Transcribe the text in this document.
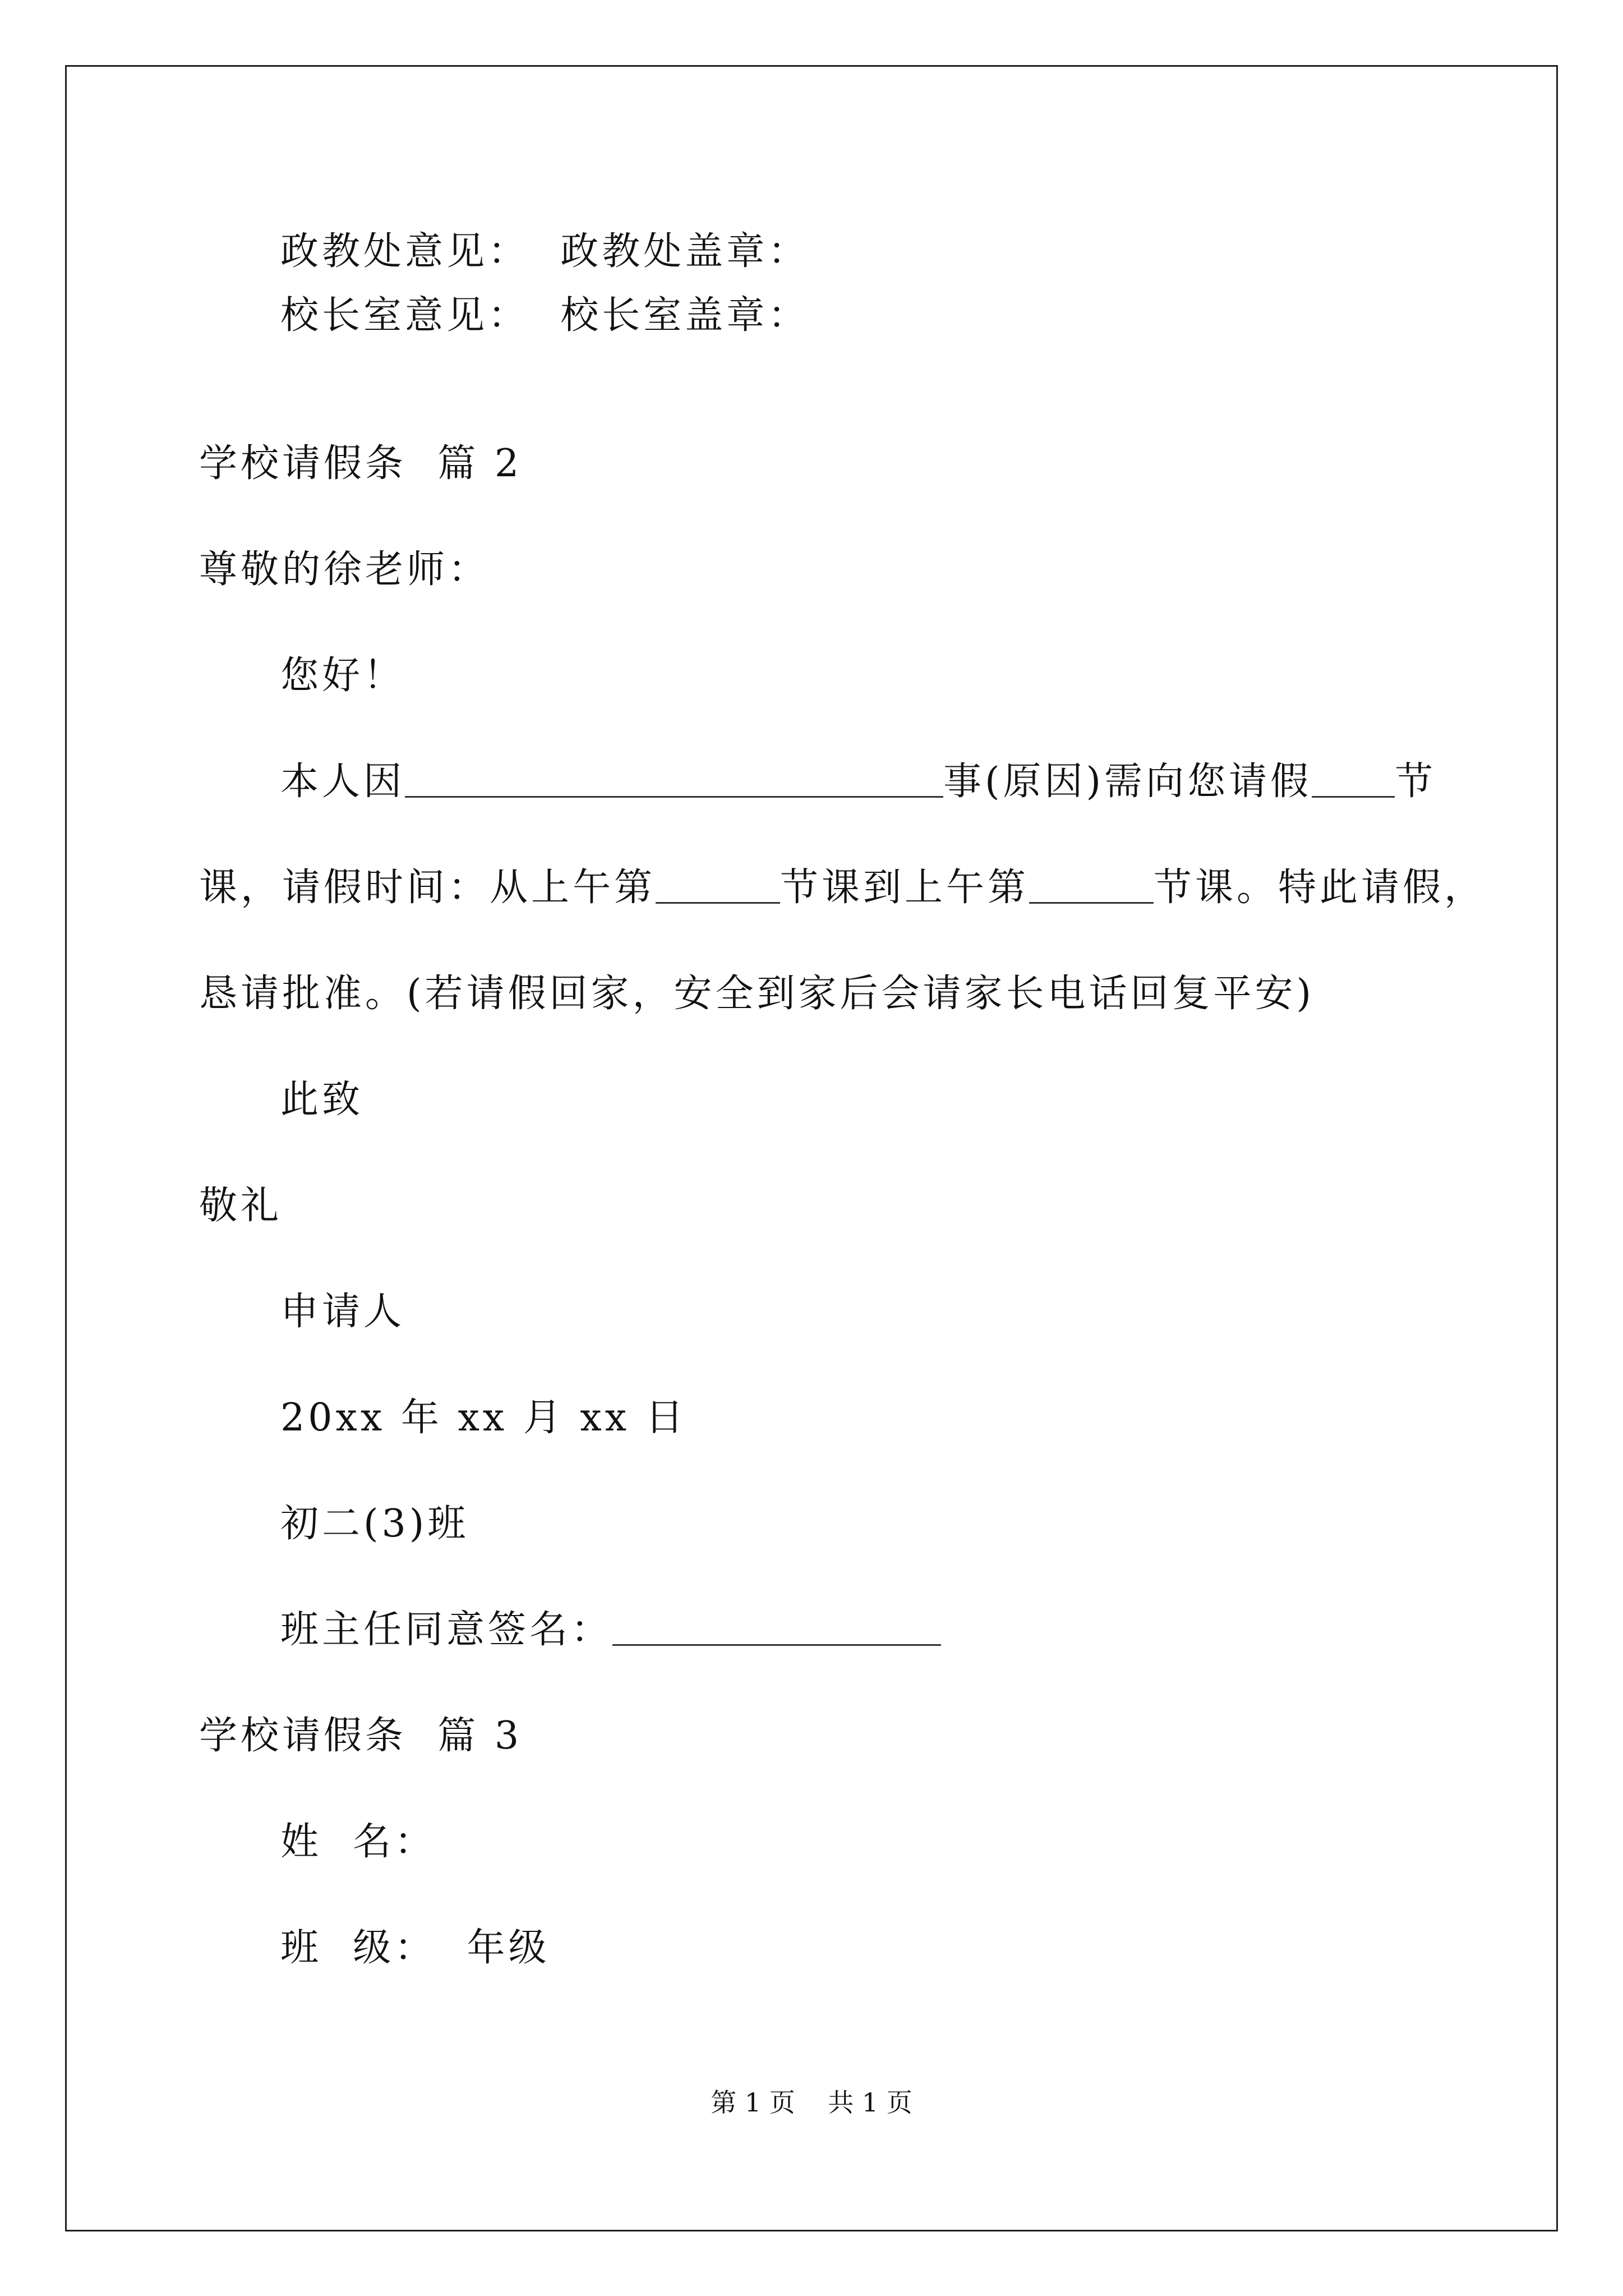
政教处意见：  政教处盖章：
校长室意见：  校长室盖章：
学校请假条  篇 2
尊敬的徐老师：
您好！
本人因	事(原因)需向您请假 节
课，请假时间：从上午第	节课到上午第	节课。特此请假，
恳请批准。(若请假回家，安全到家后会请家长电话回复平安)
此致
敬礼
申请人
20xx 年 xx 月 xx 日
初二(3)班
班主任同意签名：
学校请假条  篇 3
姓  名：
班  级：  年级
第 1 页    共 1 页
